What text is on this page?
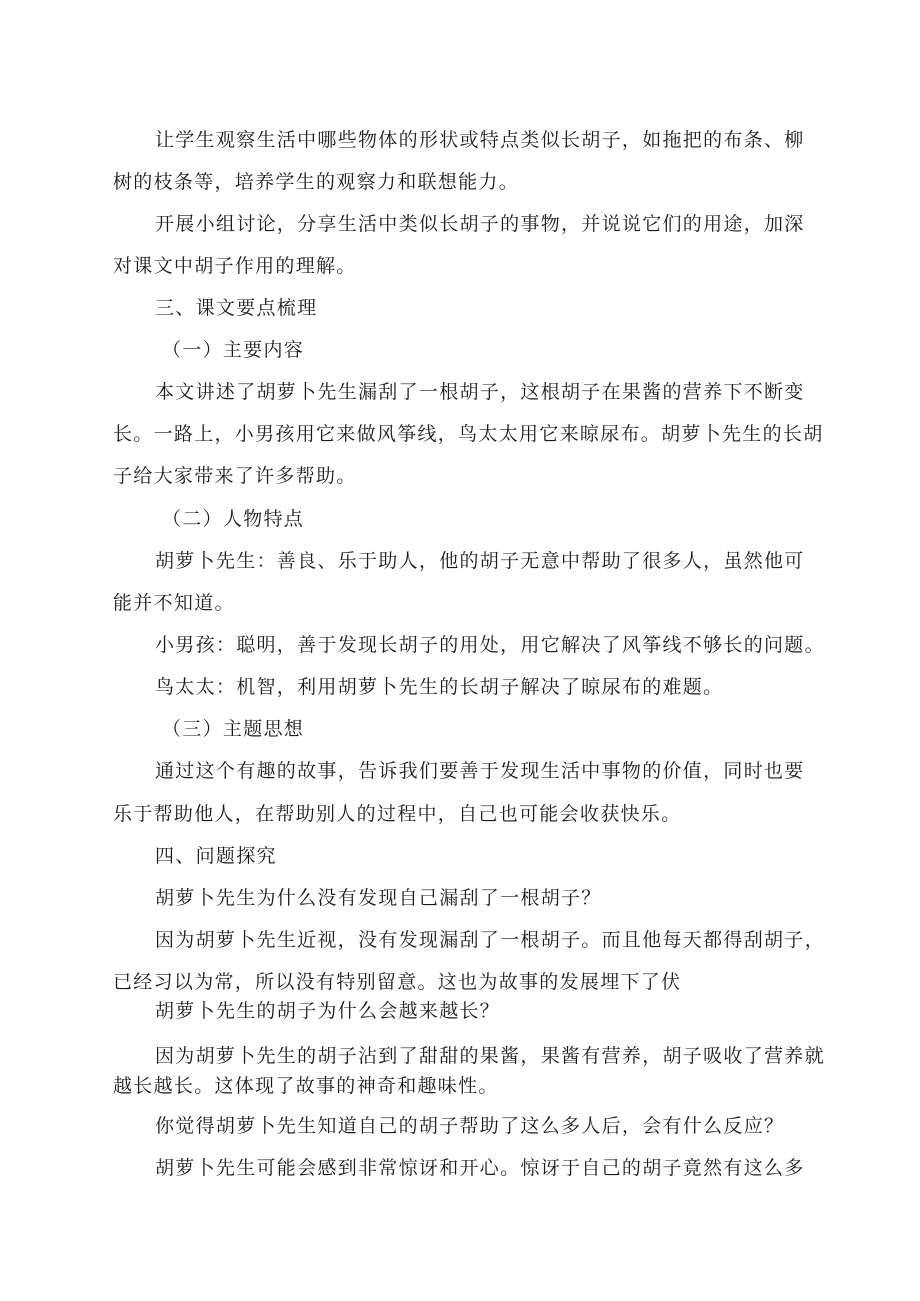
让学生观察生活中哪些物体的形状或特点类似长胡子，如拖把的布条、柳

树的枝条等，培养学生的观察力和联想能力。

开展小组讨论，分享生活中类似长胡子的事物，并说说它们的用途，加深

对课文中胡子作用的理解。

三、课文要点梳理

（一）主要内容

本文讲述了胡萝卜先生漏刮了一根胡子，这根胡子在果酱的营养下不断变

长。一路上，小男孩用它来做风筝线，鸟太太用它来晾尿布。胡萝卜先生的长胡

子给大家带来了许多帮助。

（二）人物特点

胡萝卜先生：善良、乐于助人，他的胡子无意中帮助了很多人，虽然他可

能并不知道。

小男孩：聪明，善于发现长胡子的用处，用它解决了风筝线不够长的问题。

鸟太太：机智，利用胡萝卜先生的长胡子解决了晾尿布的难题。

（三）主题思想

通过这个有趣的故事，告诉我们要善于发现生活中事物的价值，同时也要

乐于帮助他人，在帮助别人的过程中，自己也可能会收获快乐。

四、问题探究

胡萝卜先生为什么没有发现自己漏刮了一根胡子？

因为胡萝卜先生近视，没有发现漏刮了一根胡子。而且他每天都得刮胡子，

已经习以为常，所以没有特别留意。这也为故事的发展埋下了伏

胡萝卜先生的胡子为什么会越来越长？

因为胡萝卜先生的胡子沾到了甜甜的果酱，果酱有营养，胡子吸收了营养就

越长越长。这体现了故事的神奇和趣味性。

你觉得胡萝卜先生知道自己的胡子帮助了这么多人后，会有什么反应？

胡萝卜先生可能会感到非常惊讶和开心。惊讶于自己的胡子竟然有这么多
